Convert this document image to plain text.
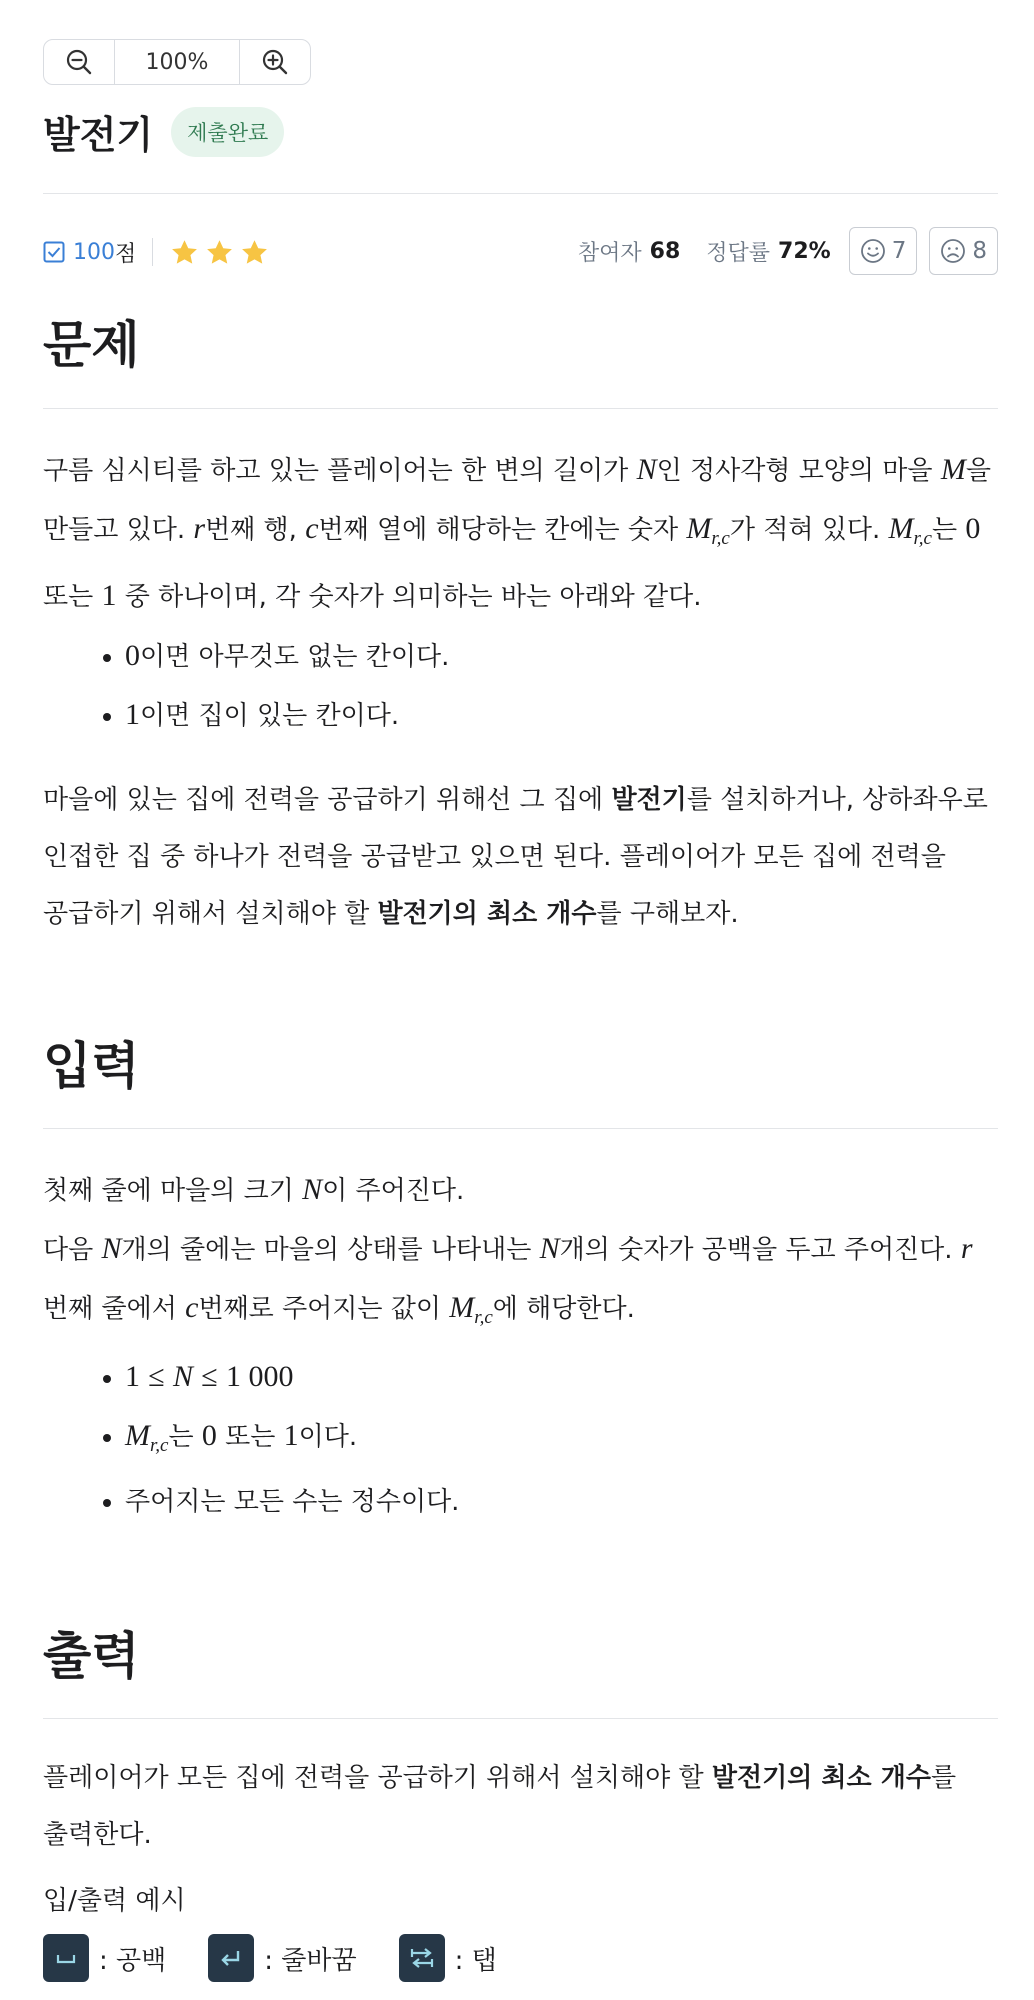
100%
발전기	제출완료
100 점	참여자 68 정답률 72%	7	8
문제
구름 심시티를 하고 있는 플레이어는 한 변의 길이가 N인 정사각형 모양의 마을 M을
만들고 있다. r번째 행, c번째 열에 해당하는 칸에는 숫자 $M_{r,c}$가 적혀 있다. $M_{r,c}$는 0
또는 1 중 하나이며, 각 숫자가 의미하는 바는 아래와 같다.
• 0이면 아무것도 없는 칸이다.
• 1이면 집이 있는 칸이다.
마을에 있는 집에 전력을 공급하기 위해선 그 집에 발전기를 설치하거나, 상하좌우로
인접한 집 중 하나가 전력을 공급받고 있으면 된다. 플레이어가 모든 집에 전력을
공급하기 위해서 설치해야 할 발전기의 최소 개수를 구해보자.
입력
첫째 줄에 마을의 크기 N이 주어진다.
다음 N개의 줄에는 마을의 상태를 나타내는 N개의 숫자가 공백을 두고 주어진다. r
번째 줄에서 c번째로 주어지는 값이 $M_{r,c}$에 해당한다.
• 1 ≤ N ≤ 1 000
• $M_{r,c}$는 0 또는 1이다.
• 주어지는 모든 수는 정수이다.
출력
플레이어가 모든 집에 전력을 공급하기 위해서 설치해야 할 발전기의 최소 개수를
출력한다.
입/출력 예시
: 공백	: 줄바꿈	: 탭
